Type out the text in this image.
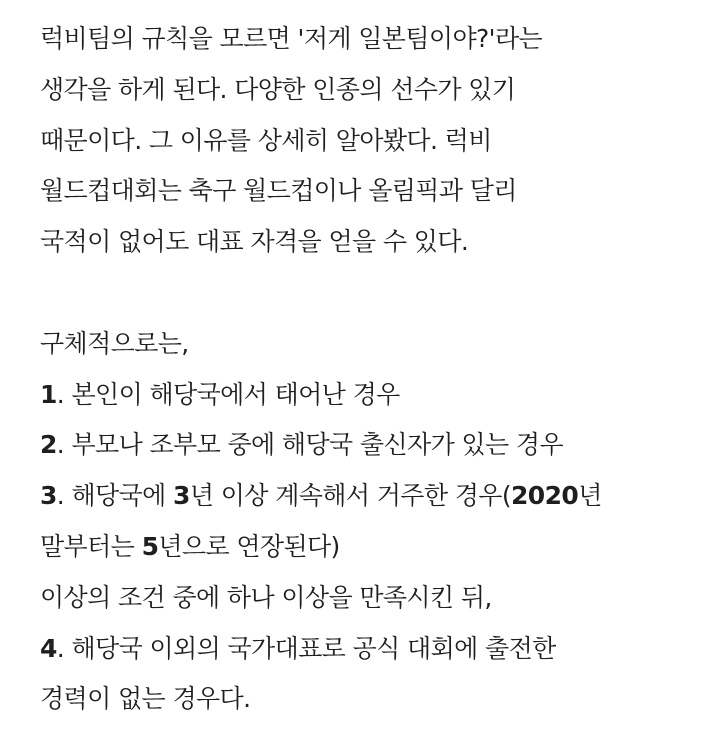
럭비팀의 규칙을 모르면 '저게 일본팀이야?'라는
생각을 하게 된다. 다양한 인종의 선수가 있기
때문이다. 그 이유를 상세히 알아봤다. 럭비
월드컵대회는 축구 월드컵이나 올림픽과 달리
국적이 없어도 대표 자격을 얻을 수 있다.
구체적으로는,
1. 본인이 해당국에서 태어난 경우
2. 부모나 조부모 중에 해당국 출신자가 있는 경우
3. 해당국에 3년 이상 계속해서 거주한 경우(2020년
말부터는 5년으로 연장된다)
이상의 조건 중에 하나 이상을 만족시킨 뒤,
4. 해당국 이외의 국가대표로 공식 대회에 출전한
경력이 없는 경우다.
